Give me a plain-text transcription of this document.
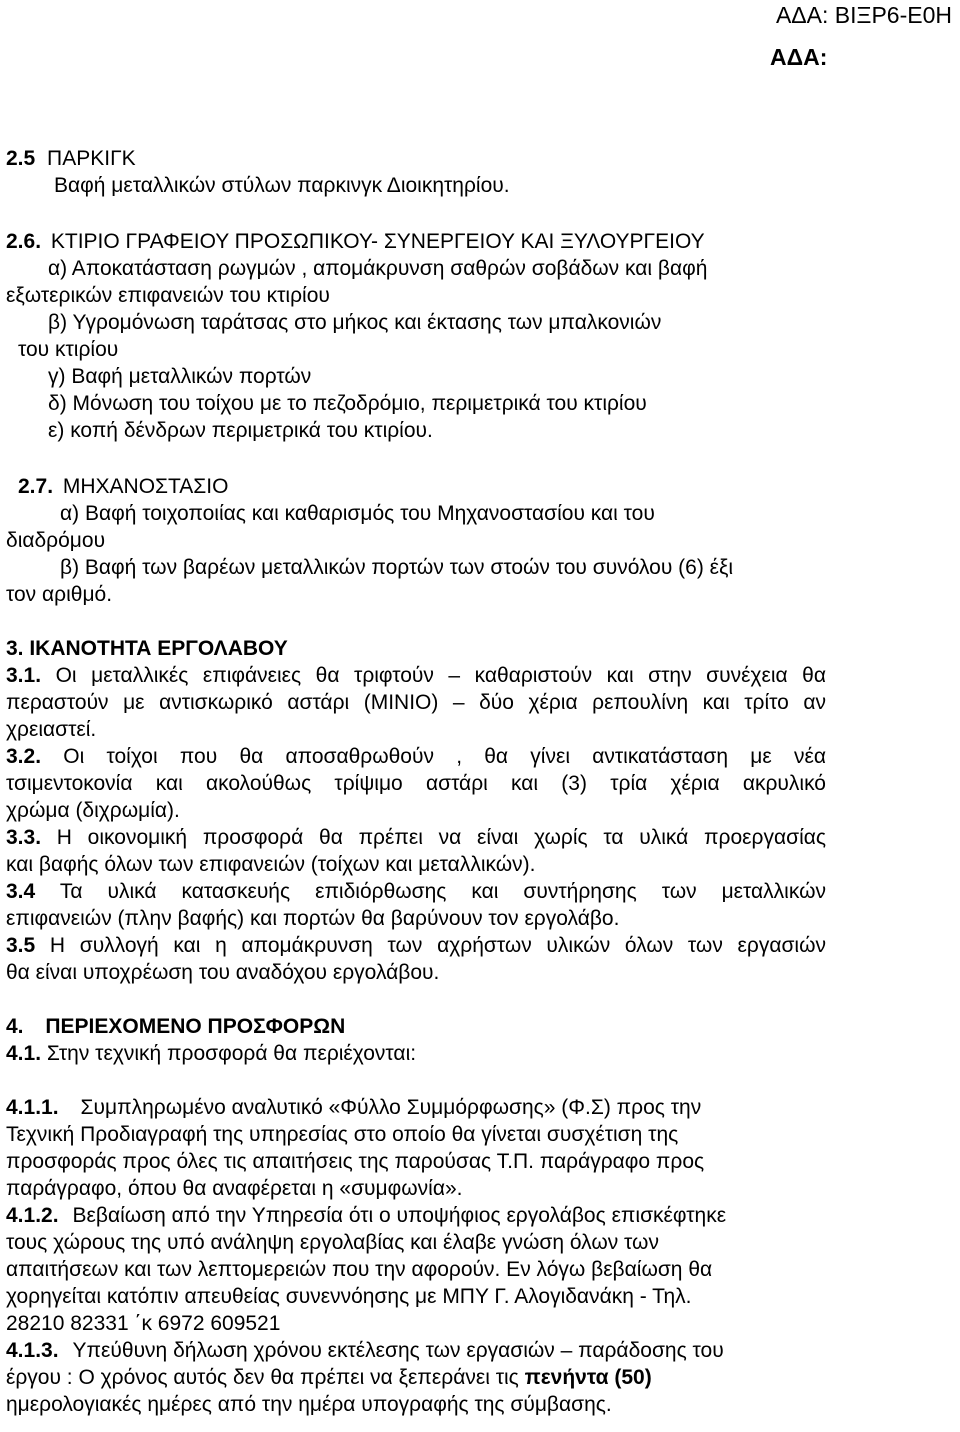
ΑΔΑ: ΒΙΞΡ6-Ε0Η
ΑΔΑ:
2.5 ΠΑΡΚΙΓΚ
Βαφή μεταλλικών στύλων παρκινγκ Διοικητηρίου.
2.6. ΚΤΙΡΙΟ ΓΡΑΦΕΙΟΥ ΠΡΟΣΩΠΙΚΟΥ- ΣΥΝΕΡΓΕΙΟΥ ΚΑΙ ΞΥΛΟΥΡΓΕΙΟΥ
α) Αποκατάσταση ρωγμών , απομάκρυνση σαθρών σοβάδων και βαφή
εξωτερικών επιφανειών του κτιρίου
β) Υγρομόνωση ταράτσας στο μήκος και έκτασης των μπαλκονιών
του κτιρίου
γ) Βαφή μεταλλικών πορτών
δ) Μόνωση του τοίχου με το πεζοδρόμιο, περιμετρικά του κτιρίου
ε) κοπή δένδρων περιμετρικά του κτιρίου.
2.7. ΜΗΧΑΝΟΣΤΑΣΙΟ
α) Βαφή τοιχοποιίας και καθαρισμός του Μηχανοστασίου και του
διαδρόμου
β) Βαφή των βαρέων μεταλλικών πορτών των στοών του συνόλου (6) έξι
τον αριθμό.
3. ΙΚΑΝΟΤΗΤΑ ΕΡΓΟΛΑΒΟΥ
3.1. Οι μεταλλικές επιφάνειες θα τριφτούν – καθαριστούν και στην συνέχεια θα
περαστούν με αντισκωρικό αστάρι (ΜΙΝΙΟ) – δύο χέρια ρεπουλίνη και τρίτο αν
χρειαστεί.
3.2. Οι τοίχοι που θα αποσαθρωθούν , θα γίνει αντικατάσταση με νέα
τσιμεντοκονία και ακολούθως τρίψιμο αστάρι και (3) τρία χέρια ακρυλικό
χρώμα (διχρωμία).
3.3. Η οικονομική προσφορά θα πρέπει να είναι χωρίς τα υλικά προεργασίας
και βαφής όλων των επιφανειών (τοίχων και μεταλλικών).
3.4 Τα υλικά κατασκευής επιδιόρθωσης και συντήρησης των μεταλλικών
επιφανειών (πλην βαφής) και πορτών θα βαρύνουν τον εργολάβο.
3.5 Η συλλογή και η απομάκρυνση των αχρήστων υλικών όλων των εργασιών
θα είναι υποχρέωση του αναδόχου εργολάβου.
4. ΠΕΡΙΕΧΟΜΕΝΟ ΠΡΟΣΦΟΡΩΝ
4.1. Στην τεχνική προσφορά θα περιέχονται:
4.1.1. Συμπληρωμένο αναλυτικό «Φύλλο Συμμόρφωσης» (Φ.Σ) προς την
Τεχνική Προδιαγραφή της υπηρεσίας στο οποίο θα γίνεται συσχέτιση της
προσφοράς προς όλες τις απαιτήσεις της παρούσας Τ.Π. παράγραφο προς
παράγραφο, όπου θα αναφέρεται η «συμφωνία».
4.1.2. Βεβαίωση από την Υπηρεσία ότι ο υποψήφιος εργολάβος επισκέφτηκε
τους χώρους της υπό ανάληψη εργολαβίας και έλαβε γνώση όλων των
απαιτήσεων και των λεπτομερειών που την αφορούν. Εν λόγω βεβαίωση θα
χορηγείται κατόπιν απευθείας συνεννόησης με ΜΠΥ Γ. Αλογιδανάκη - Τηλ.
28210 82331 ΄κ 6972 609521
4.1.3. Υπεύθυνη δήλωση χρόνου εκτέλεσης των εργασιών – παράδοσης του
έργου : Ο χρόνος αυτός δεν θα πρέπει να ξεπεράνει τις πενήντα (50)
ημερολογιακές ημέρες από την ημέρα υπογραφής της σύμβασης.
